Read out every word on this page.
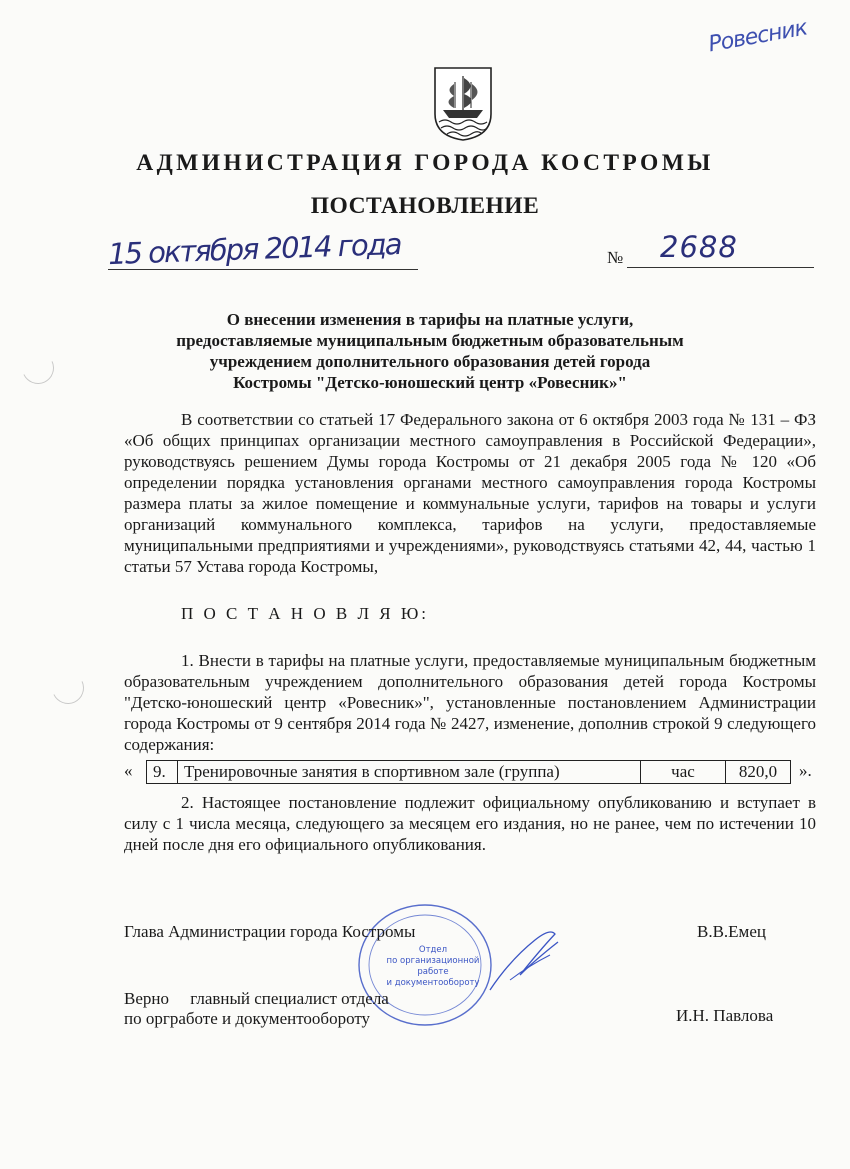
Ровесник
АДМИНИСТРАЦИЯ ГОРОДА КОСТРОМЫ
ПОСТАНОВЛЕНИЕ
15 октября 2014 года	№ 2688
О внесении изменения в тарифы на платные услуги,
предоставляемые муниципальным бюджетным образовательным
учреждением дополнительного образования детей города
Костромы "Детско-юношеский центр «Ровесник»"
В соответствии со статьей 17 Федерального закона от 6 октября 2003 года № 131 – ФЗ «Об общих принципах организации местного самоуправления в Российской Федерации», руководствуясь решением Думы города Костромы от 21 декабря 2005 года № 120 «Об определении порядка установления органами местного самоуправления города Костромы размера платы за жилое помещение и коммунальные услуги, тарифов на товары и услуги организаций коммунального комплекса, тарифов на услуги, предоставляемые муниципальными предприятиями и учреждениями», руководствуясь статьями 42, 44, частью 1 статьи 57 Устава города Костромы,
П О С Т А Н О В Л Я Ю:
1. Внести в тарифы на платные услуги, предоставляемые муниципальным бюджетным образовательным учреждением дополнительного образования детей города Костромы "Детско-юношеский центр «Ровесник»", установленные постановлением Администрации города Костромы от 9 сентября 2014 года № 2427, изменение, дополнив строкой 9 следующего содержания:
« 9.	Тренировочные занятия в спортивном зале (группа)	час	820,0 ».
2. Настоящее постановление подлежит официальному опубликованию и вступает в силу с 1 числа месяца, следующего за месяцем его издания, но не ранее, чем по истечении 10 дней после дня его официального опубликования.
Отдел
по организационной
работе
и документообороту
Глава Администрации города Костромы	В.В.Емец
Верно     главный специалист отдела
по оргработе и документообороту	И.Н. Павлова
